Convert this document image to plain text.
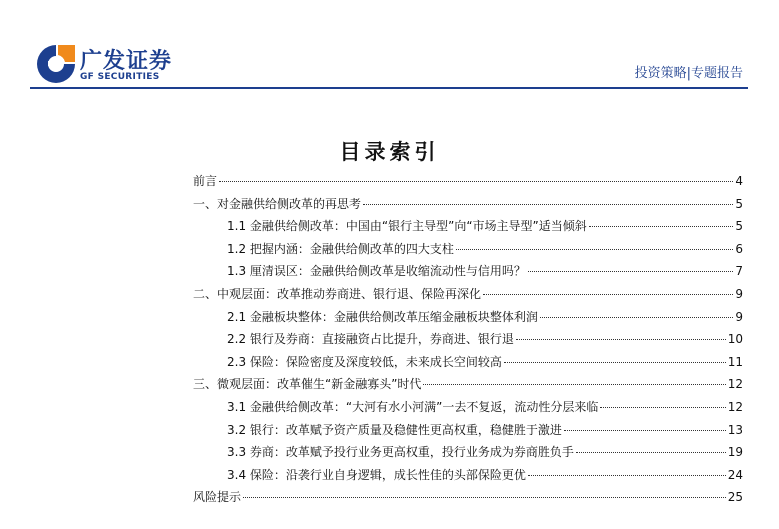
广发证券
GF SECURITIES	投资策略|专题报告
目录索引
前言	4
一、对金融供给侧改革的再思考	5
1.1 金融供给侧改革：中国由“银行主导型”向“市场主导型”适当倾斜	5
1.2 把握内涵：金融供给侧改革的四大支柱	6
1.3 厘清误区：金融供给侧改革是收缩流动性与信用吗？	7
二、中观层面：改革推动券商进、银行退、保险再深化	9
2.1 金融板块整体：金融供给侧改革压缩金融板块整体利润	9
2.2 银行及券商：直接融资占比提升，券商进、银行退	10
2.3 保险：保险密度及深度较低，未来成长空间较高	11
三、微观层面：改革催生“新金融寡头”时代	12
3.1 金融供给侧改革：“大河有水小河满”一去不复返，流动性分层来临	12
3.2 银行：改革赋予资产质量及稳健性更高权重，稳健胜于激进	13
3.3 券商：改革赋予投行业务更高权重，投行业务成为券商胜负手	19
3.4 保险：沿袭行业自身逻辑，成长性佳的头部保险更优	24
风险提示	25
